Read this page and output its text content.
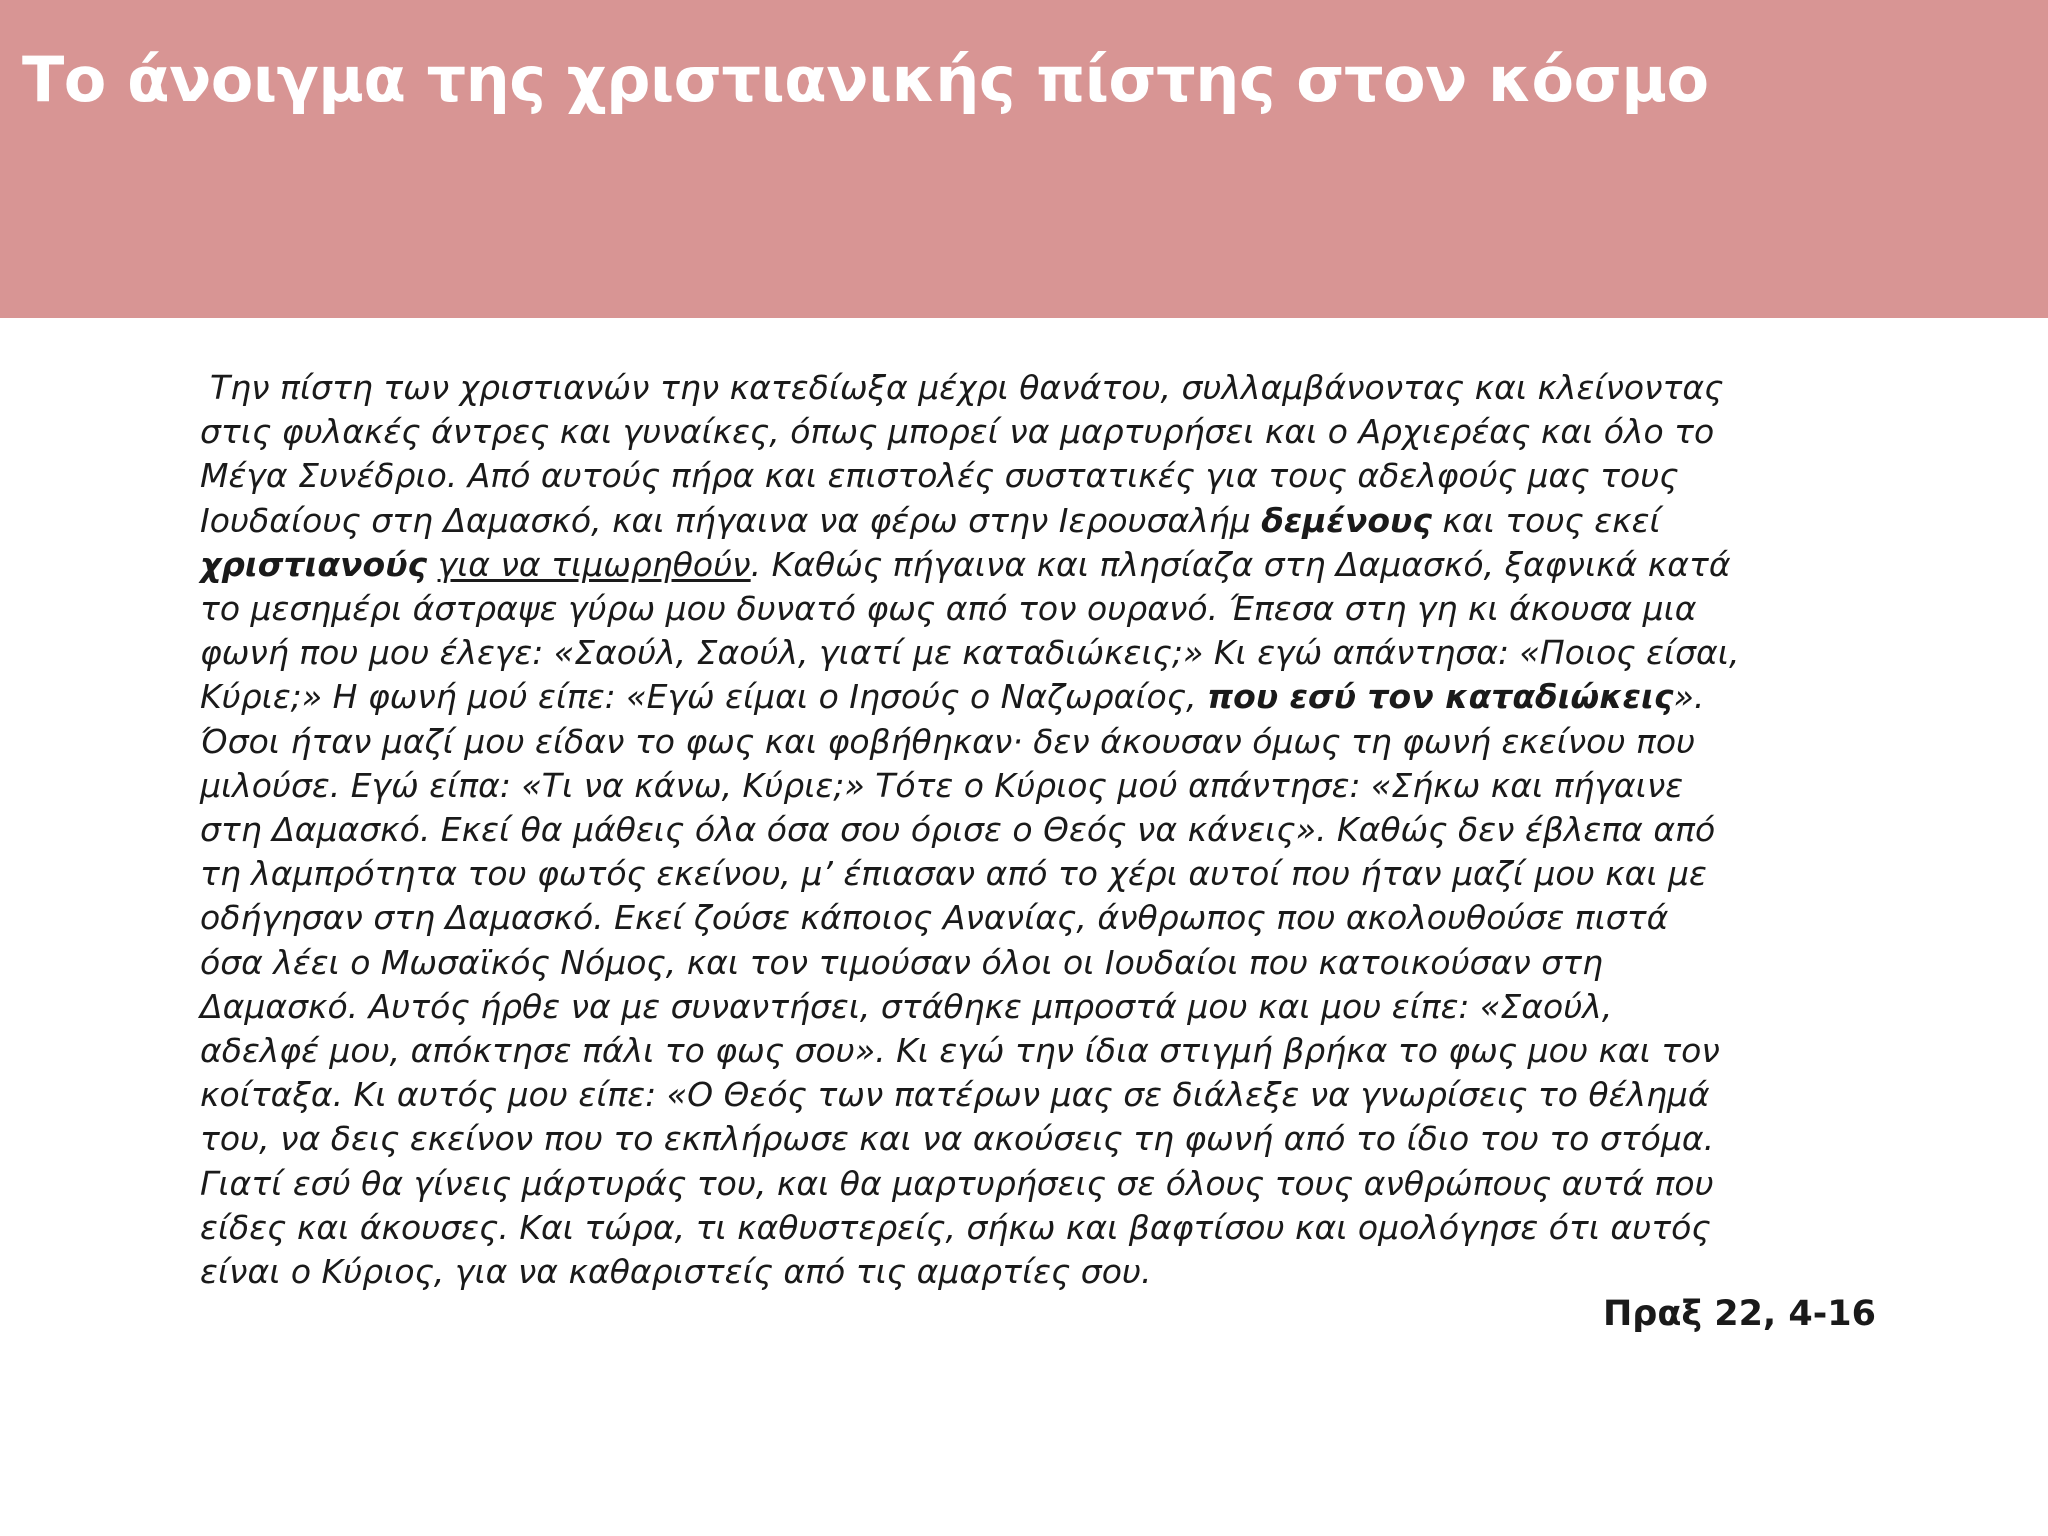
Το άνοιγμα της χριστιανικής πίστης στον κόσμο
Την πίστη των χριστιανών την κατεδίωξα μέχρι θανάτου, συλλαμβάνοντας και κλείνοντας
στις φυλακές άντρες και γυναίκες, όπως μπορεί να μαρτυρήσει και ο Αρχιερέας και όλο το
Μέγα Συνέδριο. Από αυτούς πήρα και επιστολές συστατικές για τους αδελφούς μας τους
Ιουδαίους στη Δαμασκό, και πήγαινα να φέρω στην Ιερουσαλήμ δεμένους και τους εκεί
χριστιανούς για να τιμωρηθούν. Καθώς πήγαινα και πλησίαζα στη Δαμασκό, ξαφνικά κατά
το μεσημέρι άστραψε γύρω μου δυνατό φως από τον ουρανό. Έπεσα στη γη κι άκουσα μια
φωνή που μου έλεγε: «Σαούλ, Σαούλ, γιατί με καταδιώκεις;» Κι εγώ απάντησα: «Ποιος είσαι,
Κύριε;» Η φωνή μού είπε: «Εγώ είμαι ο Ιησούς ο Ναζωραίος, που εσύ τον καταδιώκεις».
Όσοι ήταν μαζί μου είδαν το φως και φοβήθηκαν· δεν άκουσαν όμως τη φωνή εκείνου που
μιλούσε. Εγώ είπα: «Τι να κάνω, Κύριε;» Τότε ο Κύριος μού απάντησε: «Σήκω και πήγαινε
στη Δαμασκό. Εκεί θα μάθεις όλα όσα σου όρισε ο Θεός να κάνεις». Καθώς δεν έβλεπα από
τη λαμπρότητα του φωτός εκείνου, μ’ έπιασαν από το χέρι αυτοί που ήταν μαζί μου και με
οδήγησαν στη Δαμασκό. Εκεί ζούσε κάποιος Ανανίας, άνθρωπος που ακολουθούσε πιστά
όσα λέει ο Μωσαϊκός Νόμος, και τον τιμούσαν όλοι οι Ιουδαίοι που κατοικούσαν στη
Δαμασκό. Αυτός ήρθε να με συναντήσει, στάθηκε μπροστά μου και μου είπε: «Σαούλ,
αδελφέ μου, απόκτησε πάλι το φως σου». Κι εγώ την ίδια στιγμή βρήκα το φως μου και τον
κοίταξα. Κι αυτός μου είπε: «Ο Θεός των πατέρων μας σε διάλεξε να γνωρίσεις το θέλημά
του, να δεις εκείνον που το εκπλήρωσε και να ακούσεις τη φωνή από το ίδιο του το στόμα.
Γιατί εσύ θα γίνεις μάρτυράς του, και θα μαρτυρήσεις σε όλους τους ανθρώπους αυτά που
είδες και άκουσες. Και τώρα, τι καθυστερείς, σήκω και βαφτίσου και ομολόγησε ότι αυτός
είναι ο Κύριος, για να καθαριστείς από τις αμαρτίες σου.
Πραξ 22, 4-16
